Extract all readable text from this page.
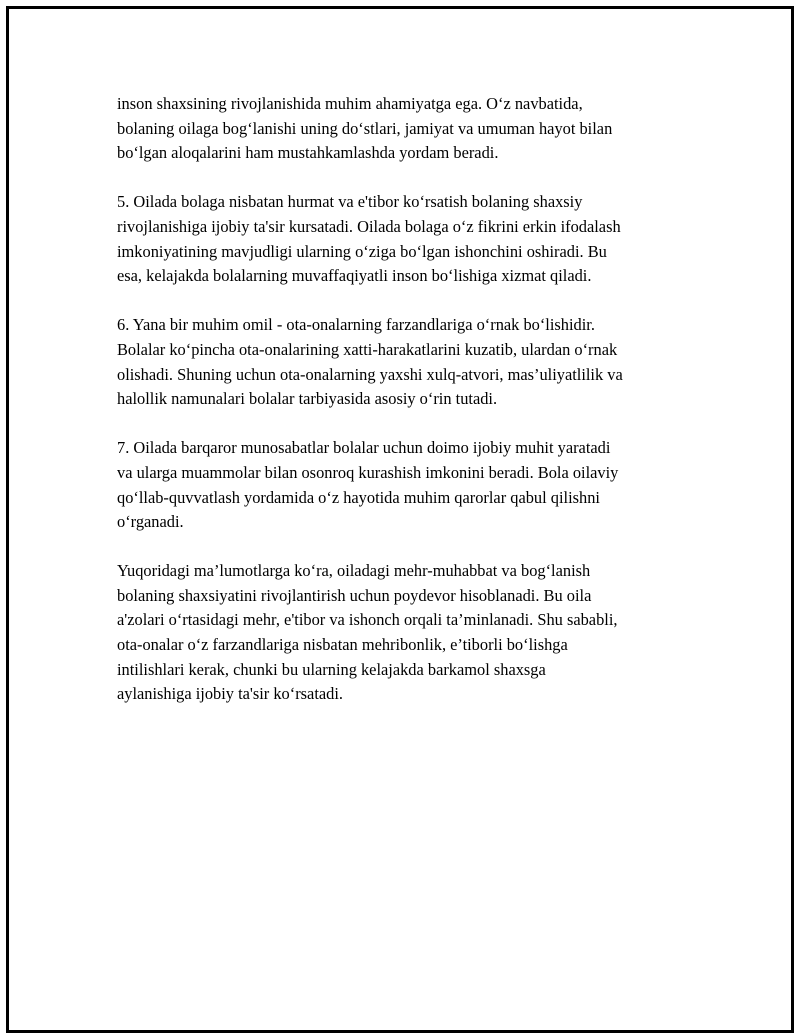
inson shaxsining rivojlanishida muhim ahamiyatga ega. O‘z navbatida,
bolaning oilaga bog‘lanishi uning do‘stlari, jamiyat va umuman hayot bilan
bo‘lgan aloqalarini ham mustahkamlashda yordam beradi.

5. Oilada bolaga nisbatan hurmat va e'tibor ko‘rsatish bolaning shaxsiy
rivojlanishiga ijobiy ta'sir kursatadi. Oilada bolaga o‘z fikrini erkin ifodalash
imkoniyatining mavjudligi ularning o‘ziga bo‘lgan ishonchini oshiradi. Bu
esa, kelajakda bolalarning muvaffaqiyatli inson bo‘lishiga xizmat qiladi.

6. Yana bir muhim omil - ota-onalarning farzandlariga o‘rnak bo‘lishidir.
Bolalar ko‘pincha ota-onalarining xatti-harakatlarini kuzatib, ulardan o‘rnak
olishadi. Shuning uchun ota-onalarning yaxshi xulq-atvori, mas’uliyatlilik va
halollik namunalari bolalar tarbiyasida asosiy o‘rin tutadi.

7. Oilada barqaror munosabatlar bolalar uchun doimo ijobiy muhit yaratadi
va ularga muammolar bilan osonroq kurashish imkonini beradi. Bola oilaviy
qo‘llab-quvvatlash yordamida o‘z hayotida muhim qarorlar qabul qilishni
o‘rganadi.

Yuqoridagi ma’lumotlarga ko‘ra, oiladagi mehr-muhabbat va bog‘lanish
bolaning shaxsiyatini rivojlantirish uchun poydevor hisoblanadi. Bu oila
a'zolari o‘rtasidagi mehr, e'tibor va ishonch orqali ta’minlanadi. Shu sababli,
ota-onalar o‘z farzandlariga nisbatan mehribonlik, e’tiborli bo‘lishga
intilishlari kerak, chunki bu ularning kelajakda barkamol shaxsga
aylanishiga ijobiy ta'sir ko‘rsatadi.
